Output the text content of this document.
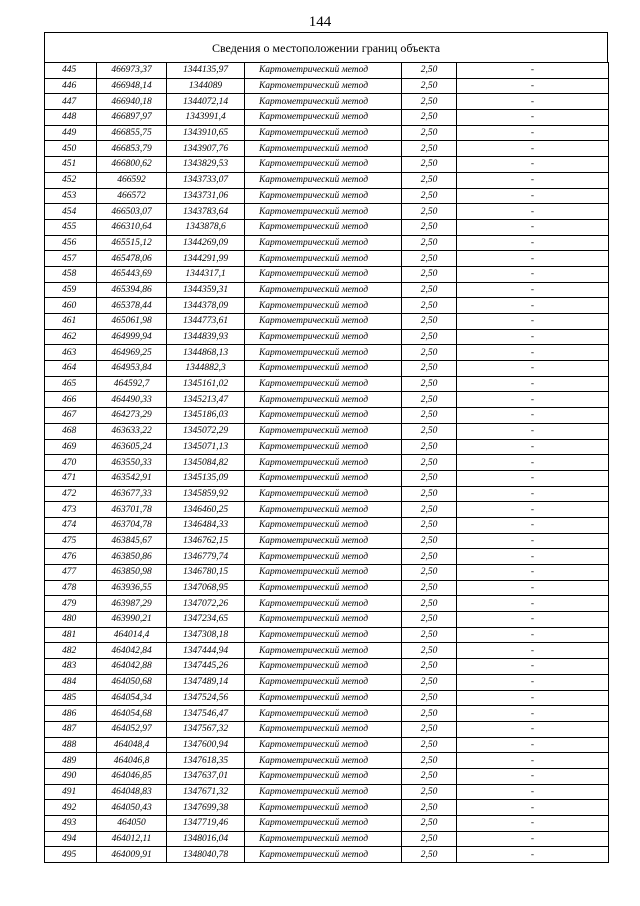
144
Сведения о местоположении границ объекта
445	466973,37	1344135,97	Картометрический метод	2,50	-
446	466948,14	1344089	Картометрический метод	2,50	-
447	466940,18	1344072,14	Картометрический метод	2,50	-
448	466897,97	1343991,4	Картометрический метод	2,50	-
449	466855,75	1343910,65	Картометрический метод	2,50	-
450	466853,79	1343907,76	Картометрический метод	2,50	-
451	466800,62	1343829,53	Картометрический метод	2,50	-
452	466592	1343733,07	Картометрический метод	2,50	-
453	466572	1343731,06	Картометрический метод	2,50	-
454	466503,07	1343783,64	Картометрический метод	2,50	-
455	466310,64	1343878,6	Картометрический метод	2,50	-
456	465515,12	1344269,09	Картометрический метод	2,50	-
457	465478,06	1344291,99	Картометрический метод	2,50	-
458	465443,69	1344317,1	Картометрический метод	2,50	-
459	465394,86	1344359,31	Картометрический метод	2,50	-
460	465378,44	1344378,09	Картометрический метод	2,50	-
461	465061,98	1344773,61	Картометрический метод	2,50	-
462	464999,94	1344839,93	Картометрический метод	2,50	-
463	464969,25	1344868,13	Картометрический метод	2,50	-
464	464953,84	1344882,3	Картометрический метод	2,50	-
465	464592,7	1345161,02	Картометрический метод	2,50	-
466	464490,33	1345213,47	Картометрический метод	2,50	-
467	464273,29	1345186,03	Картометрический метод	2,50	-
468	463633,22	1345072,29	Картометрический метод	2,50	-
469	463605,24	1345071,13	Картометрический метод	2,50	-
470	463550,33	1345084,82	Картометрический метод	2,50	-
471	463542,91	1345135,09	Картометрический метод	2,50	-
472	463677,33	1345859,92	Картометрический метод	2,50	-
473	463701,78	1346460,25	Картометрический метод	2,50	-
474	463704,78	1346484,33	Картометрический метод	2,50	-
475	463845,67	1346762,15	Картометрический метод	2,50	-
476	463850,86	1346779,74	Картометрический метод	2,50	-
477	463850,98	1346780,15	Картометрический метод	2,50	-
478	463936,55	1347068,95	Картометрический метод	2,50	-
479	463987,29	1347072,26	Картометрический метод	2,50	-
480	463990,21	1347234,65	Картометрический метод	2,50	-
481	464014,4	1347308,18	Картометрический метод	2,50	-
482	464042,84	1347444,94	Картометрический метод	2,50	-
483	464042,88	1347445,26	Картометрический метод	2,50	-
484	464050,68	1347489,14	Картометрический метод	2,50	-
485	464054,34	1347524,56	Картометрический метод	2,50	-
486	464054,68	1347546,47	Картометрический метод	2,50	-
487	464052,97	1347567,32	Картометрический метод	2,50	-
488	464048,4	1347600,94	Картометрический метод	2,50	-
489	464046,8	1347618,35	Картометрический метод	2,50	-
490	464046,85	1347637,01	Картометрический метод	2,50	-
491	464048,83	1347671,32	Картометрический метод	2,50	-
492	464050,43	1347699,38	Картометрический метод	2,50	-
493	464050	1347719,46	Картометрический метод	2,50	-
494	464012,11	1348016,04	Картометрический метод	2,50	-
495	464009,91	1348040,78	Картометрический метод	2,50	-
